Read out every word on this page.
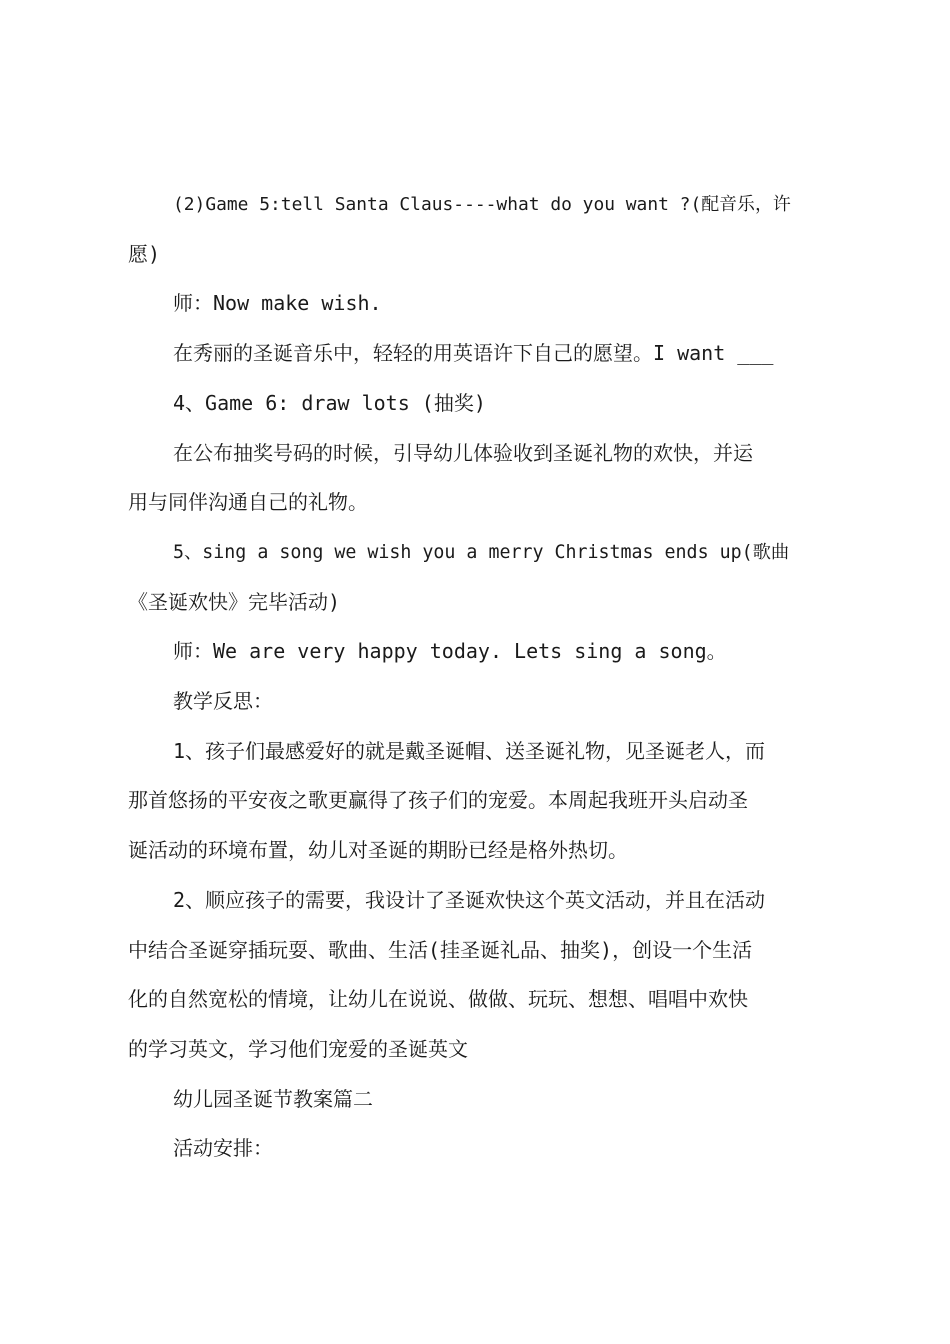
(2)Game 5:tell Santa Claus----what do you want ?(配音乐，许
愿)

师：Now make wish.

在秀丽的圣诞音乐中，轻轻的用英语许下自己的愿望。I want ___

4、Game 6: draw lots (抽奖)

在公布抽奖号码的时候，引导幼儿体验收到圣诞礼物的欢快，并运
用与同伴沟通自己的礼物。

5、sing a song we wish you a merry Christmas ends up(歌曲
《圣诞欢快》完毕活动)

师：We are very happy today. Lets sing a song。

教学反思：

1、孩子们最感爱好的就是戴圣诞帽、送圣诞礼物，见圣诞老人，而
那首悠扬的平安夜之歌更赢得了孩子们的宠爱。本周起我班开头启动圣
诞活动的环境布置，幼儿对圣诞的期盼已经是格外热切。

2、顺应孩子的需要，我设计了圣诞欢快这个英文活动，并且在活动
中结合圣诞穿插玩耍、歌曲、生活(挂圣诞礼品、抽奖)，创设一个生活
化的自然宽松的情境，让幼儿在说说、做做、玩玩、想想、唱唱中欢快
的学习英文，学习他们宠爱的圣诞英文

幼儿园圣诞节教案篇二

活动安排：
